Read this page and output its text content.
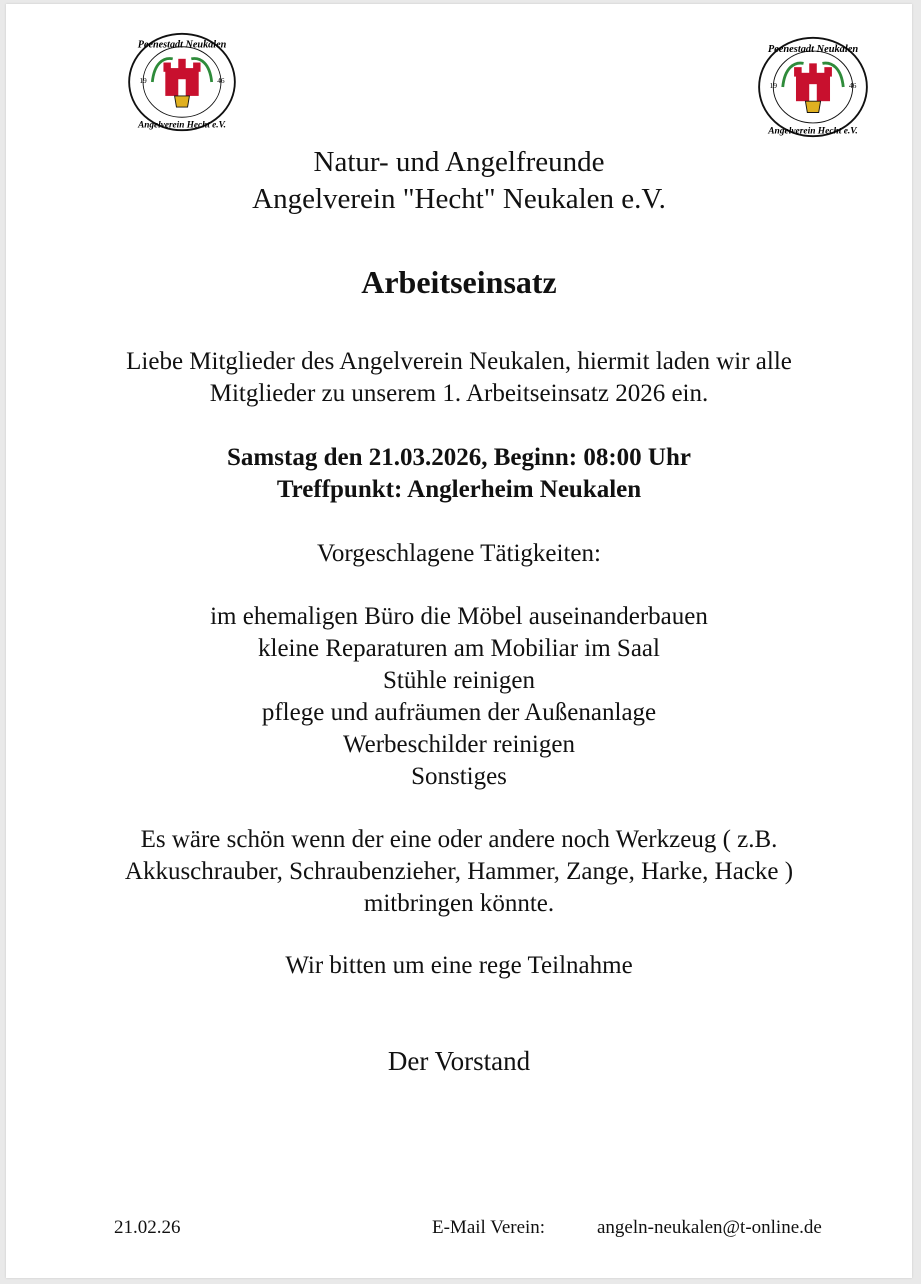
Peenestadt Neukalen
Angelverein Hecht e.V.
19	46
Peenestadt Neukalen
Angelverein Hecht e.V.
19	46
Natur- und Angelfreunde
Angelverein "Hecht" Neukalen e.V.
Arbeitseinsatz
Liebe Mitglieder des Angelverein Neukalen, hiermit laden wir alle
Mitglieder zu unserem 1. Arbeitseinsatz 2026 ein.
Samstag den 21.03.2026, Beginn: 08:00 Uhr
Treffpunkt: Anglerheim Neukalen
Vorgeschlagene Tätigkeiten:
im ehemaligen Büro die Möbel auseinanderbauen
kleine Reparaturen am Mobiliar im Saal
Stühle reinigen
pflege und aufräumen der Außenanlage
Werbeschilder reinigen
Sonstiges
Es wäre schön wenn der eine oder andere noch Werkzeug ( z.B.
Akkuschrauber, Schraubenzieher, Hammer, Zange, Harke, Hacke )
mitbringen könnte.
Wir bitten um eine rege Teilnahme
Der Vorstand
21.02.26	E-Mail Verein:	angeln-neukalen@t-online.de
